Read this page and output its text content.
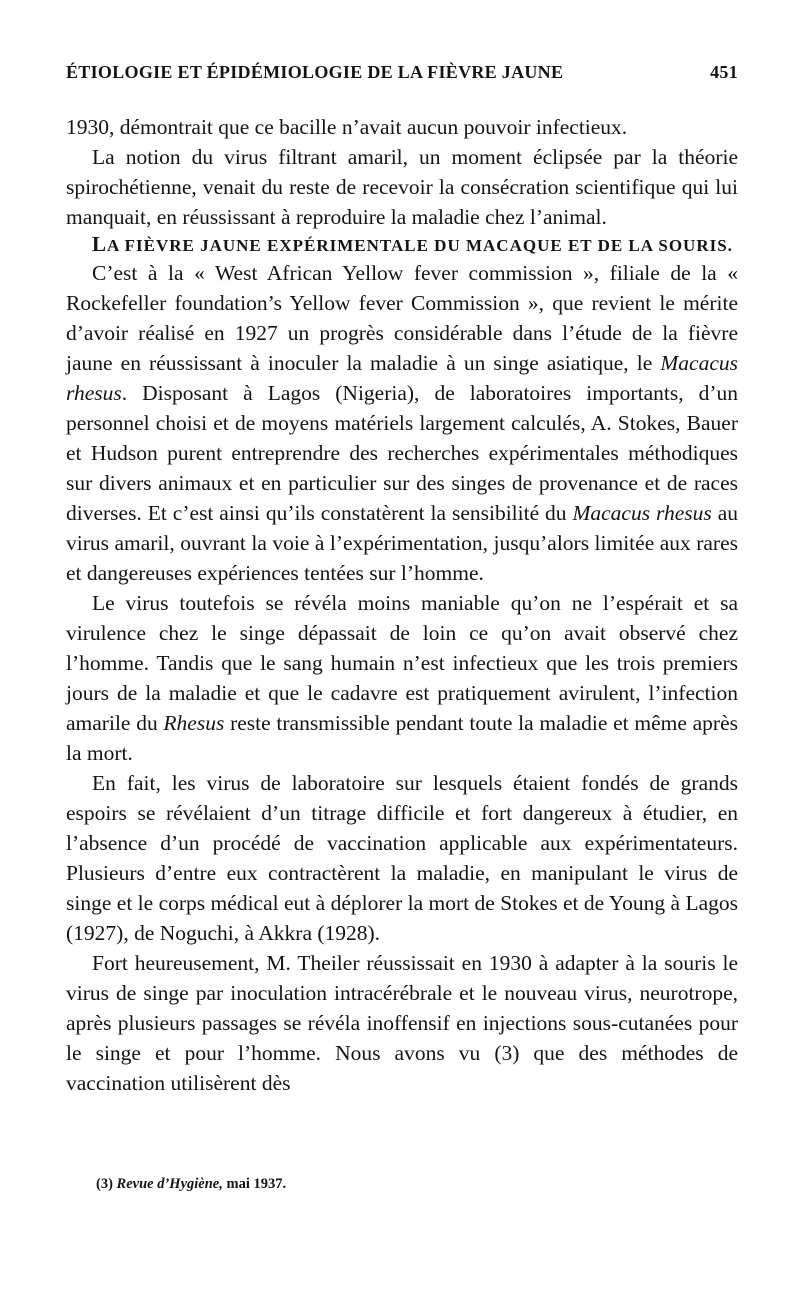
ÉTIOLOGIE ET ÉPIDÉMIOLOGIE DE LA FIÈVRE JAUNE	451

1930, démontrait que ce bacille n’avait aucun pouvoir infectieux.

La notion du virus filtrant amaril, un moment éclipsée par la théorie spirochétienne, venait du reste de recevoir la consécration scientifique qui lui manquait, en réussissant à reproduire la maladie chez l’animal.

LA FIÈVRE JAUNE EXPÉRIMENTALE DU MACAQUE ET DE LA SOURIS.

C’est à la « West African Yellow fever commission », filiale de la « Rockefeller foundation’s Yellow fever Commission », que revient le mérite d’avoir réalisé en 1927 un progrès considérable dans l’étude de la fièvre jaune en réussissant à inoculer la maladie à un singe asiatique, le Macacus rhesus. Disposant à Lagos (Nigeria), de laboratoires importants, d’un personnel choisi et de moyens matériels largement calculés, A. Stokes, Bauer et Hudson purent entreprendre des recherches expérimentales méthodiques sur divers animaux et en particulier sur des singes de provenance et de races diverses. Et c’est ainsi qu’ils constatèrent la sensibilité du Macacus rhesus au virus amaril, ouvrant la voie à l’expérimentation, jusqu’alors limitée aux rares et dangereuses expériences tentées sur l’homme.

Le virus toutefois se révéla moins maniable qu’on ne l’espérait et sa virulence chez le singe dépassait de loin ce qu’on avait observé chez l’homme. Tandis que le sang humain n’est infectieux que les trois premiers jours de la maladie et que le cadavre est pratiquement avirulent, l’infection amarile du Rhesus reste transmissible pendant toute la maladie et même après la mort.

En fait, les virus de laboratoire sur lesquels étaient fondés de grands espoirs se révélaient d’un titrage difficile et fort dangereux à étudier, en l’absence d’un procédé de vaccination applicable aux expérimentateurs. Plusieurs d’entre eux contractèrent la maladie, en manipulant le virus de singe et le corps médical eut à déplorer la mort de Stokes et de Young à Lagos (1927), de Noguchi, à Akkra (1928).

Fort heureusement, M. Theiler réussissait en 1930 à adapter à la souris le virus de singe par inoculation intracérébrale et le nouveau virus, neurotrope, après plusieurs passages se révéla inoffensif en injections sous-cutanées pour le singe et pour l’homme. Nous avons vu (3) que des méthodes de vaccination utilisèrent dès

(3) Revue d’Hygiène, mai 1937.
